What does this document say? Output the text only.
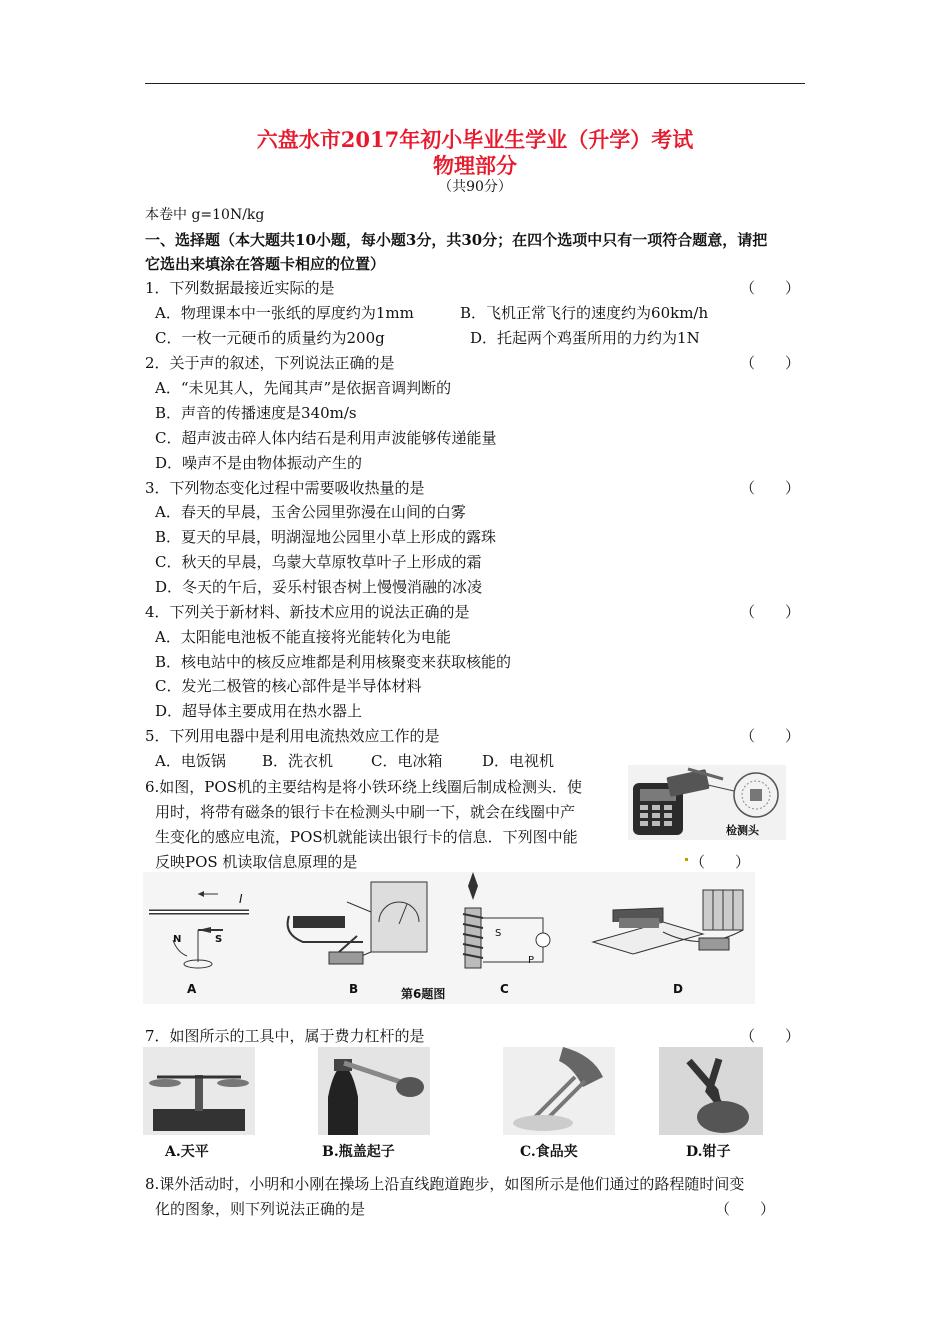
六盘水市2017年初小毕业生学业（升学）考试
物理部分
（共90分）
本卷中 g=10N/kg
一、选择题（本大题共10小题，每小题3分，共30分；在四个选项中只有一项符合题意，请把
它选出来填涂在答题卡相应的位置）
1．下列数据最接近实际的是	（　　）
A．物理课本中一张纸的厚度约为1mm	B．飞机正常飞行的速度约为60km/h
C．一枚一元硬币的质量约为200g	D．托起两个鸡蛋所用的力约为1N
2．关于声的叙述，下列说法正确的是	（　　）
A．“未见其人，先闻其声”是依据音调判断的
B．声音的传播速度是340m/s
C．超声波击碎人体内结石是利用声波能够传递能量
D．噪声不是由物体振动产生的
3．下列物态变化过程中需要吸收热量的是	（　　）
A．春天的早晨，玉舍公园里弥漫在山间的白雾
B．夏天的早晨，明湖湿地公园里小草上形成的露珠
C．秋天的早晨，乌蒙大草原牧草叶子上形成的霜
D．冬天的午后，妥乐村银杏树上慢慢消融的冰凌
4．下列关于新材料、新技术应用的说法正确的是	（　　）
A．太阳能电池板不能直接将光能转化为电能
B．核电站中的核反应堆都是利用核聚变来获取核能的
C．发光二极管的核心部件是半导体材料
D．超导体主要成用在热水器上
5．下列用电器中是利用电流热效应工作的是	（　　）
A．电饭锅 B．洗衣机	C．电冰箱	D．电视机
6.如图，POS机的主要结构是将小铁环绕上线圈后制成检测头．使
用时，将带有磁条的银行卡在检测头中刷一下，就会在线圈中产
生变化的感应电流，POS机就能读出银行卡的信息．下列图中能
反映POS 机读取信息原理的是	（　　）
检测头
I
N	S
S
P
A	B	第6题图	C	D
7．如图所示的工具中，属于费力杠杆的是	（　　）
A.天平	B.瓶盖起子	C.食品夹	D.钳子
8.课外活动时，小明和小刚在操场上沿直线跑道跑步，如图所示是他们通过的路程随时间变
化的图象，则下列说法正确的是	（　　）
